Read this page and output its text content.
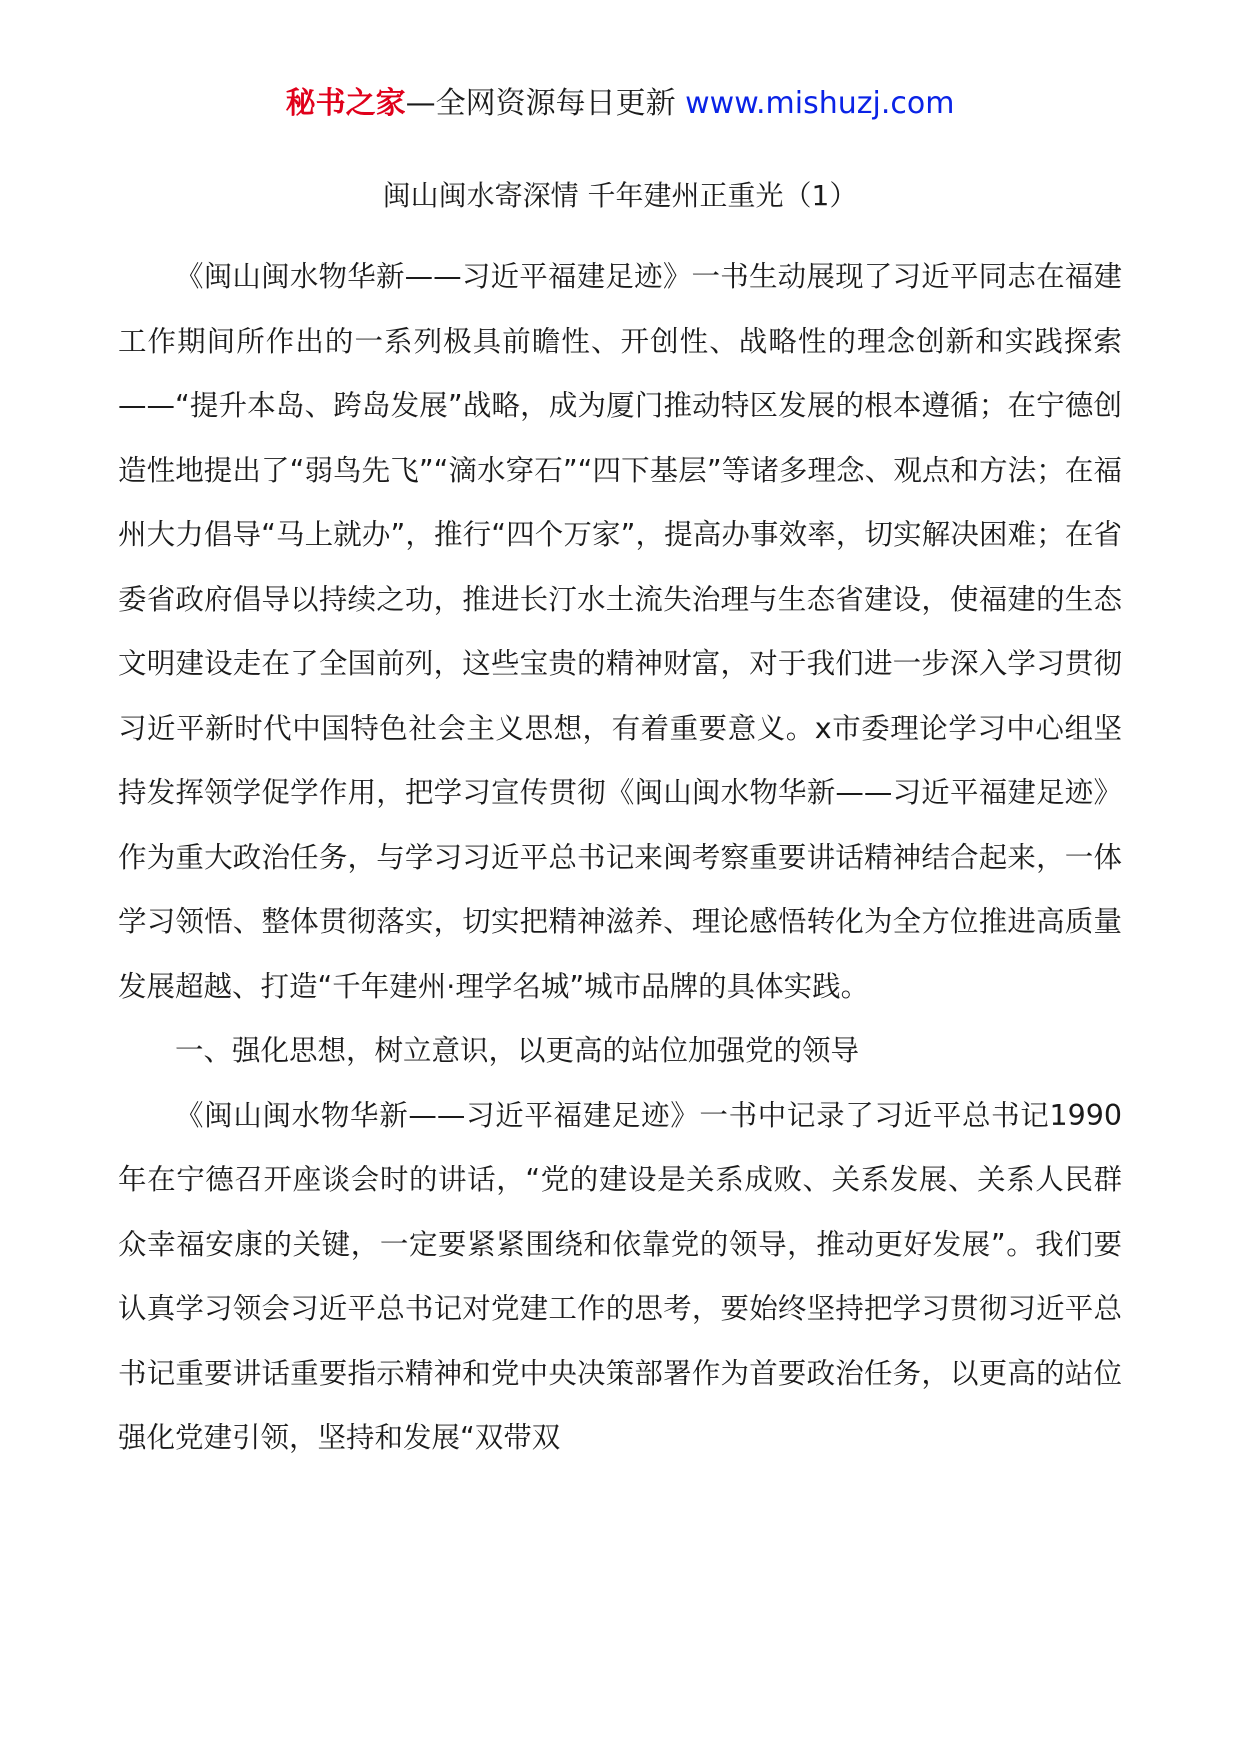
秘书之家—全网资源每日更新 www.mishuzj.com
闽山闽水寄深情 千年建州正重光（1）

《闽山闽水物华新——习近平福建足迹》一书生动展现了习近平同志在福建工作期间所作出的一系列极具前瞻性、开创性、战略性的理念创新和实践探索——“提升本岛、跨岛发展”战略，成为厦门推动特区发展的根本遵循；在宁德创造性地提出了“弱鸟先飞”“滴水穿石”“四下基层”等诸多理念、观点和方法；在福州大力倡导“马上就办”，推行“四个万家”，提高办事效率，切实解决困难；在省委省政府倡导以持续之功，推进长汀水土流失治理与生态省建设，使福建的生态文明建设走在了全国前列，这些宝贵的精神财富，对于我们进一步深入学习贯彻习近平新时代中国特色社会主义思想，有着重要意义。x市委理论学习中心组坚持发挥领学促学作用，把学习宣传贯彻《闽山闽水物华新——习近平福建足迹》作为重大政治任务，与学习习近平总书记来闽考察重要讲话精神结合起来，一体学习领悟、整体贯彻落实，切实把精神滋养、理论感悟转化为全方位推进高质量发展超越、打造“千年建州·理学名城”城市品牌的具体实践。

一、强化思想，树立意识，以更高的站位加强党的领导

《闽山闽水物华新——习近平福建足迹》一书中记录了习近平总书记1990年在宁德召开座谈会时的讲话，“党的建设是关系成败、关系发展、关系人民群众幸福安康的关键，一定要紧紧围绕和依靠党的领导，推动更好发展”。我们要认真学习领会习近平总书记对党建工作的思考，要始终坚持把学习贯彻习近平总书记重要讲话重要指示精神和党中央决策部署作为首要政治任务，以更高的站位强化党建引领，坚持和发展“双带双
